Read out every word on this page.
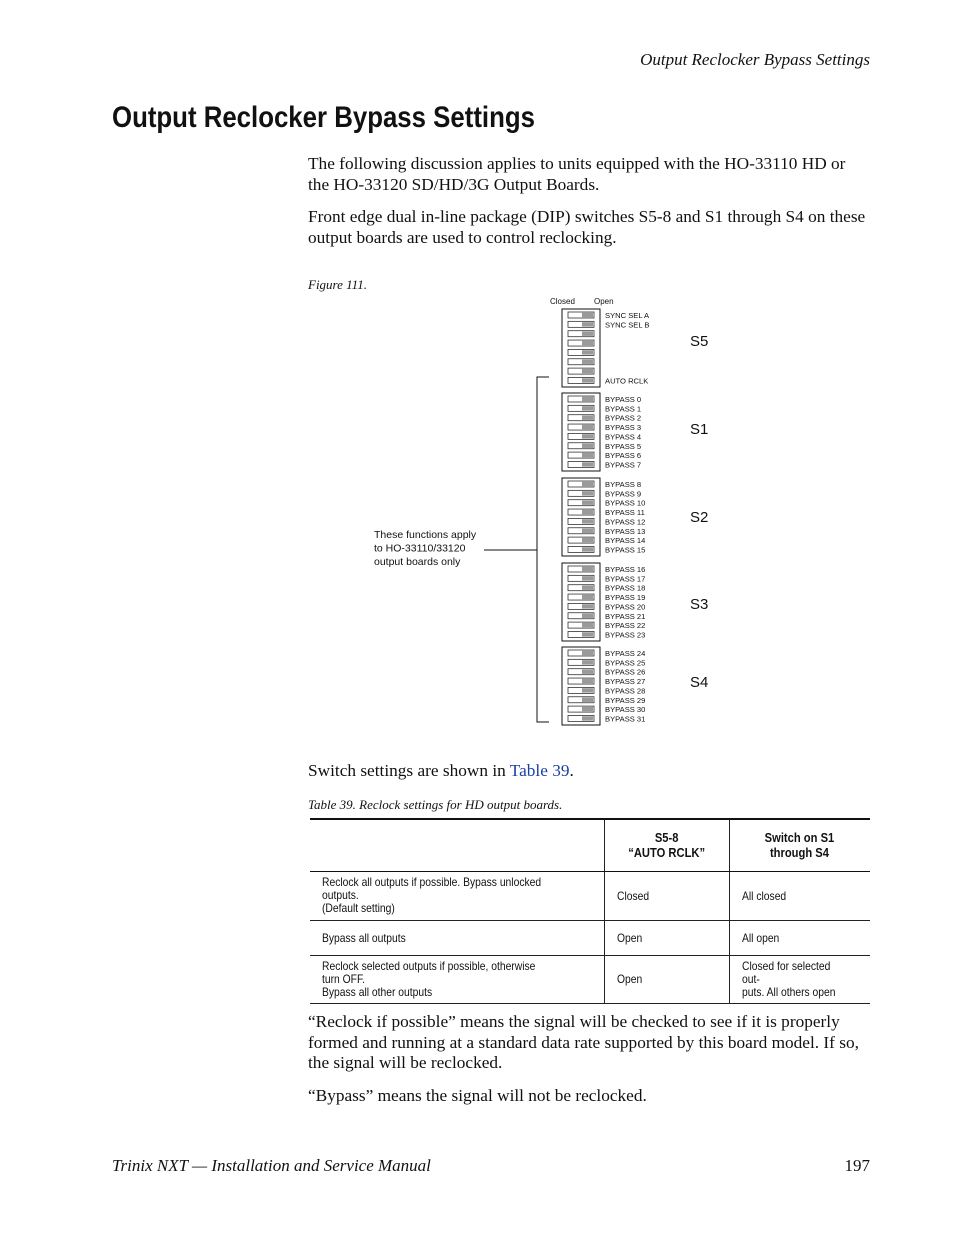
Output Reclocker Bypass Settings
Output Reclocker Bypass Settings

The following discussion applies to units equipped with the HO-33110 HD or the HO-33120 SD/HD/3G Output Boards.

Front edge dual in-line package (DIP) switches S5-8 and S1 through S4 on these output boards are used to control reclocking.

Figure 111.
Closed Open
These functions apply
to HO-33110/33120
output boards only
SYNC SEL A
SYNC SEL B
AUTO RCLK
S5
BYPASS 0
BYPASS 1
BYPASS 2
BYPASS 3
BYPASS 4
BYPASS 5
BYPASS 6
BYPASS 7
S1
BYPASS 8
BYPASS 9
BYPASS 10
BYPASS 11
BYPASS 12
BYPASS 13
BYPASS 14
BYPASS 15
S2
BYPASS 16
BYPASS 17
BYPASS 18
BYPASS 19
BYPASS 20
BYPASS 21
BYPASS 22
BYPASS 23
S3
BYPASS 24
BYPASS 25
BYPASS 26
BYPASS 27
BYPASS 28
BYPASS 29
BYPASS 30
BYPASS 31
S4

Switch settings are shown in Table 39.

Table 39. Reclock settings for HD output boards.
	S5-8
“AUTO RCLK”	Switch on S1
through S4
Reclock all outputs if possible. Bypass unlocked outputs.
(Default setting)	Closed	All closed
Bypass all outputs	Open	All open
Reclock selected outputs if possible, otherwise turn OFF.
Bypass all other outputs	Open	Closed for selected out-
puts. All others open

“Reclock if possible” means the signal will be checked to see if it is properly formed and running at a standard data rate supported by this board model. If so, the signal will be reclocked.

“Bypass” means the signal will not be reclocked.

Trinix NXT — Installation and Service Manual	197
